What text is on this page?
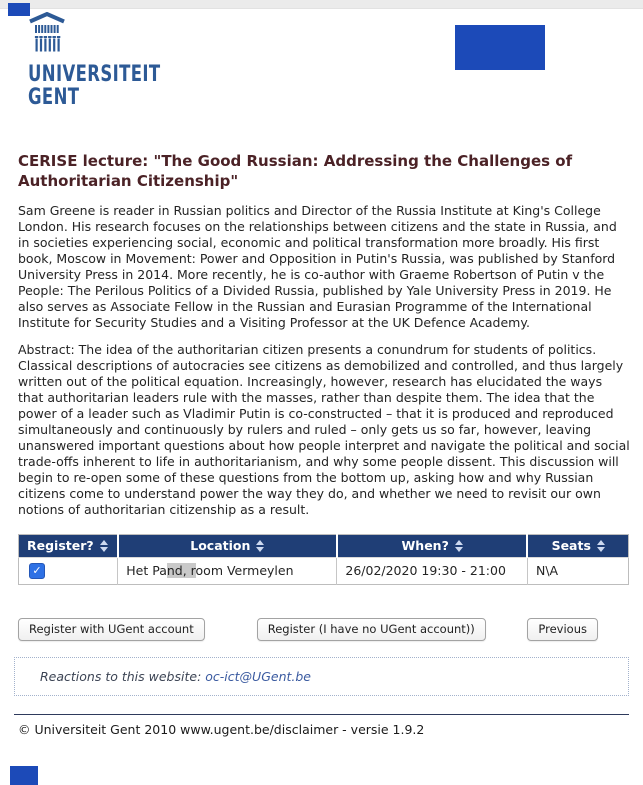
UNIVERSITEIT
GENT
CERISE lecture: "The Good Russian: Addressing the Challenges of Authoritarian Citizenship"

Sam Greene is reader in Russian politics and Director of the Russia Institute at King's College London. His research focuses on the relationships between citizens and the state in Russia, and in societies experiencing social, economic and political transformation more broadly. His first book, Moscow in Movement: Power and Opposition in Putin's Russia, was published by Stanford University Press in 2014. More recently, he is co-author with Graeme Robertson of Putin v the People: The Perilous Politics of a Divided Russia, published by Yale University Press in 2019. He also serves as Associate Fellow in the Russian and Eurasian Programme of the International Institute for Security Studies and a Visiting Professor at the UK Defence Academy.

Abstract: The idea of the authoritarian citizen presents a conundrum for students of politics. Classical descriptions of autocracies see citizens as demobilized and controlled, and thus largely written out of the political equation. Increasingly, however, research has elucidated the ways that authoritarian leaders rule with the masses, rather than despite them. The idea that the power of a leader such as Vladimir Putin is co-constructed – that it is produced and reproduced simultaneously and continuously by rulers and ruled – only gets us so far, however, leaving unanswered important questions about how people interpret and navigate the political and social trade-offs inherent to life in authoritarianism, and why some people dissent. This discussion will begin to re-open some of these questions from the bottom up, asking how and why Russian citizens come to understand power the way they do, and whether we need to revisit our own notions of authoritarian citizenship as a result.

Register?	Location	When?	Seats

✓	Het Pand, room Vermeylen	26/02/2020 19:30 - 21:00	N\A
Register with UGent account	Register (I have no UGent account))	Previous
Reactions to this website: oc-ict@UGent.be
© Universiteit Gent 2010 www.ugent.be/disclaimer - versie 1.9.2
